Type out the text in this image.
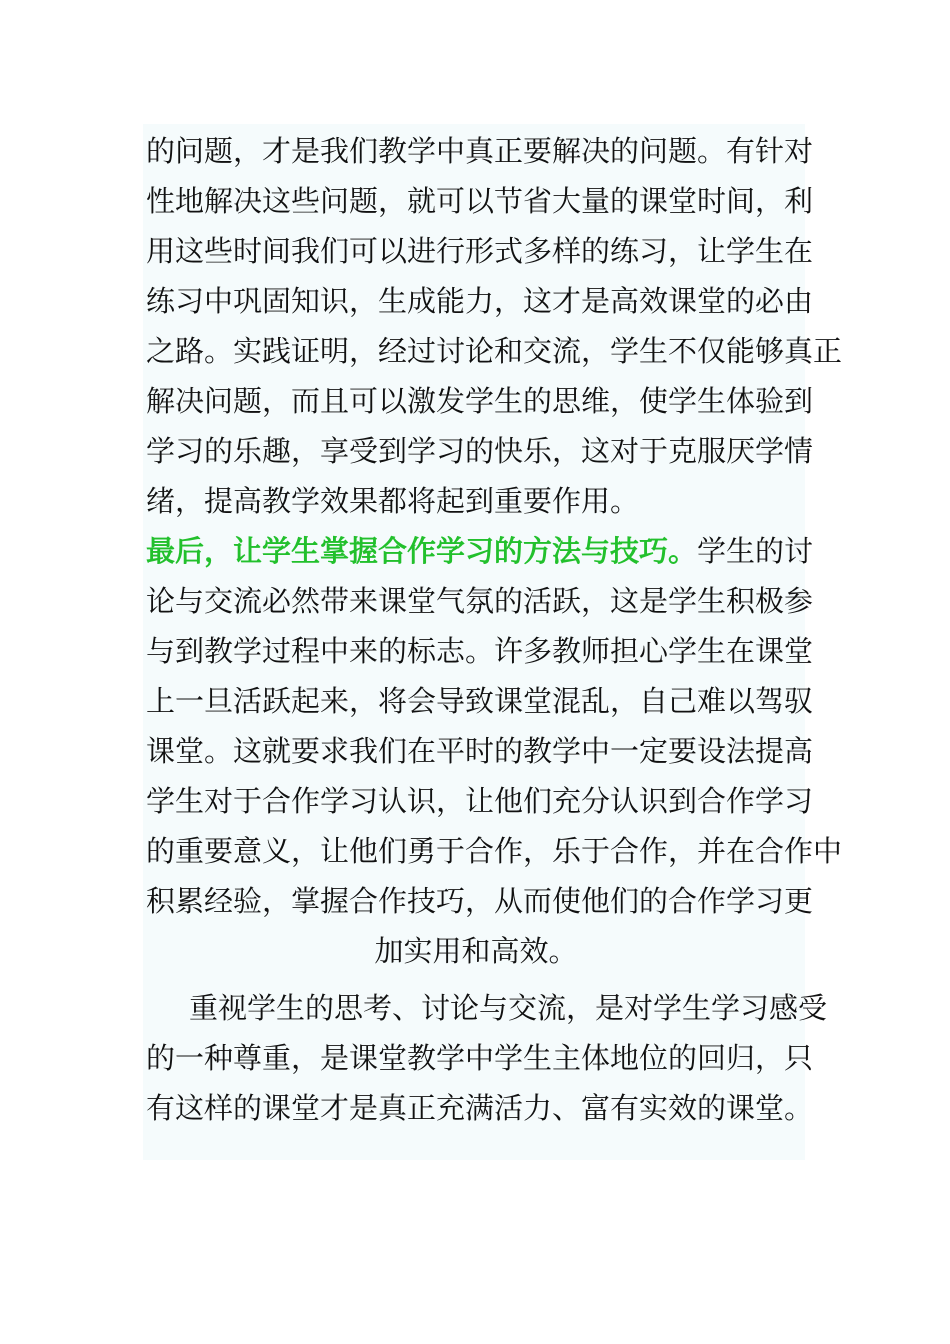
的问题，才是我们教学中真正要解决的问题。有针对
性地解决这些问题，就可以节省大量的课堂时间，利
用这些时间我们可以进行形式多样的练习，让学生在
练习中巩固知识，生成能力，这才是高效课堂的必由
之路。实践证明，经过讨论和交流，学生不仅能够真正
解决问题，而且可以激发学生的思维，使学生体验到
学习的乐趣，享受到学习的快乐，这对于克服厌学情
绪，提高教学效果都将起到重要作用。
最后，让学生掌握合作学习的方法与技巧。学生的讨
论与交流必然带来课堂气氛的活跃，这是学生积极参
与到教学过程中来的标志。许多教师担心学生在课堂
上一旦活跃起来，将会导致课堂混乱，自己难以驾驭
课堂。这就要求我们在平时的教学中一定要设法提高
学生对于合作学习认识，让他们充分认识到合作学习
的重要意义，让他们勇于合作，乐于合作，并在合作中
积累经验，掌握合作技巧，从而使他们的合作学习更
加实用和高效。
重视学生的思考、讨论与交流，是对学生学习感受
的一种尊重，是课堂教学中学生主体地位的回归，只
有这样的课堂才是真正充满活力、富有实效的课堂。
